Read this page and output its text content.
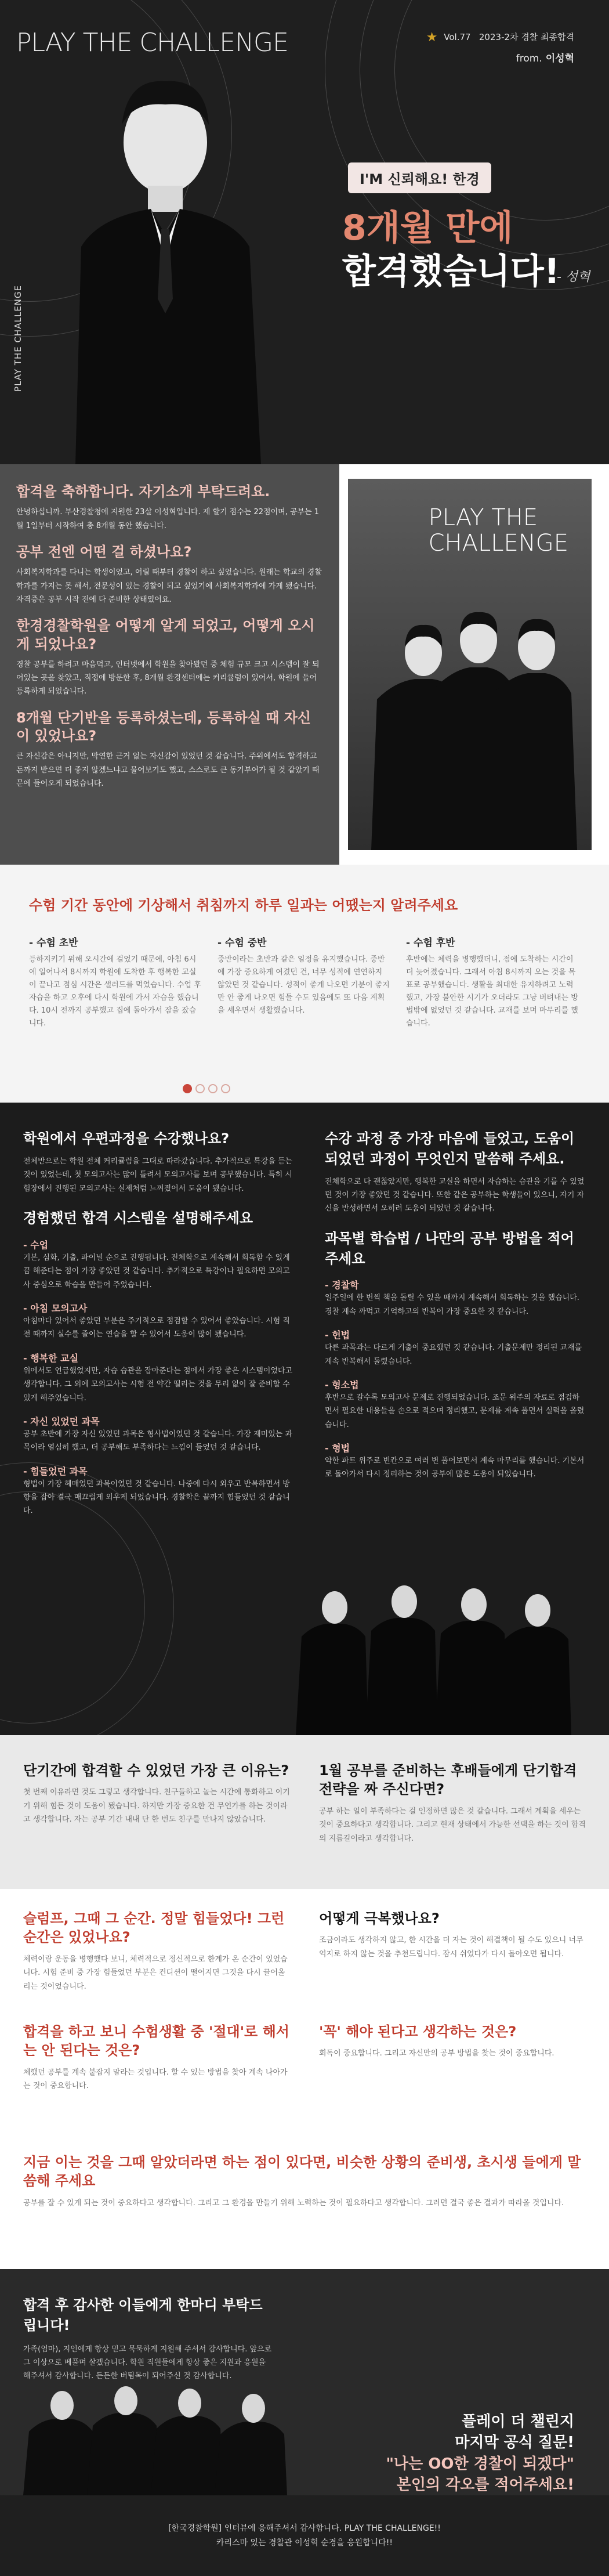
PLAY THE CHALLENGE	★ Vol.77 2023-2차 경찰 최종합격
from. 이성혁
PLAY THE CHALLENGE
I'M 신뢰해요! 한경
8개월 만에
합격했습니다!
- 성혁
합격을 축하합니다. 자기소개 부탁드려요.
안녕하십니까. 부산경찰청에 지원한 23살 이성혁입니다. 제 할기 점수는 22점이며, 공부는 1월 1일부터 시작하여 총 8개월 동안 했습니다.
공부 전엔 어떤 걸 하셨나요?
사회복지학과를 다니는 학생이었고, 어릴 때부터 경찰이 하고 싶었습니다. 원래는 학교의 경찰학과를 가지는 못 해서, 전문성이 있는 경찰이 되고 싶었기에 사회복지학과에 가게 됐습니다. 자격증은 공부 시작 전에 다 준비한 상태였어요.
한경경찰학원을 어떻게 알게 되었고, 어떻게 오시게 되었나요?
경찰 공부를 하려고 마음먹고, 인터넷에서 학원을 찾아봤던 중 체험 규모 크고 시스템이 잘 되어있는 곳을 찾았고, 직접에 방문한 후, 8개월 환경센터에는 커리큘럼이 있어서, 학원에 들어 등록하게 되었습니다.
8개월 단기반을 등록하셨는데, 등록하실 때 자신이 있었나요?
큰 자신감은 아니지만, 막연한 근거 없는 자신감이 있었던 것 같습니다. 주위에서도 합격하고 돈까지 받으면 더 좋지 않겠느냐고 물어보기도 했고, 스스로도 큰 동기부여가 될 것 같았기 때문에 들어오게 되었습니다.
PLAY THE
CHALLENGE
수험 기간 동안에 기상해서 취침까지 하루 일과는 어땠는지 알려주세요
- 수험 초반
등하지키기 위해 오시간에 걸었기 때문에, 아침 6시에 일어나서 8시까지 학원에 도착한 후 행복한 교실이 끝나고 점심 시간은 샐러드를 먹었습니다. 수업 후 자습을 하고 오후에 다시 학원에 가서 자습을 했습니다. 10시 전까지 공부했고 집에 돌아가서 잠을 잤습니다.
- 수험 중반
중반이라는 초반과 같은 일정을 유지했습니다. 중반에 가장 중요하게 여겼던 건, 너무 성적에 연연하지 않았던 것 같습니다. 성적이 좋게 나오면 기분이 좋지만 안 좋게 나오면 힘들 수도 있음에도 또 다음 계획을 세우면서 생활했습니다.
- 수험 후반
후반에는 체력을 병행했더니, 점에 도착하는 시간이 더 늦어졌습니다. 그래서 아침 8시까지 오는 것을 목표로 공부했습니다. 생활을 최대한 유지하려고 노력했고, 가장 불안한 시기가 오더라도 그냥 버텨내는 방법밖에 없었던 것 같습니다. 교재를 보며 마무리를 했습니다.
학원에서 우편과정을 수강했나요?
전체반으로는 학원 전체 커리큘럼을 그대로 따라갔습니다. 추가적으로 특강을 듣는 것이 있었는데, 첫 모의고사는 많이 틀려서 모의고사를 보며 공부했습니다. 특히 시험장에서 진행된 모의고사는 실제처럼 느껴졌어서 도움이 됐습니다.
경험했던 합격 시스템을 설명해주세요
- 수업
기본, 심화, 기출, 파이널 순으로 진행됩니다. 전체학으로 계속해서 회독할 수 있게끔 해준다는 점이 가장 좋았던 것 같습니다. 추가적으로 특강이나 필요하면 모의고사 중심으로 학습을 만들어 주었습니다.
- 아침 모의고사
아침마다 있어서 좋았던 부분은 주기적으로 점검할 수 있어서 좋았습니다. 시험 직전 때까지 실수를 줄이는 연습을 할 수 있어서 도움이 많이 됐습니다.
- 행복한 교실
위에서도 언급했었지만, 자습 습관을 잡아준다는 점에서 가장 좋은 시스템이었다고 생각합니다. 그 외에 모의고사는 시험 전 약간 떨리는 것을 무리 없이 잘 준비할 수 있게 해주었습니다.
- 자신 있었던 과목
공부 초반에 가장 자신 있었던 과목은 형사법이었던 것 같습니다. 가장 재미있는 과목이라 열심히 했고, 더 공부해도 부족하다는 느낌이 들었던 것 같습니다.
- 힘들었던 과목
형법이 가장 헤매었던 과목이었던 것 같습니다. 나중에 다시 외우고 반복하면서 방향을 잡아 결국 매끄럽게 외우게 되었습니다. 경찰학은 끝까지 힘들었던 것 같습니다.
수강 과정 중 가장 마음에 들었고, 도움이 되었던 과정이 무엇인지 말씀해 주세요.
전체학으로 다 괜찮았지만, 행복한 교실을 하면서 자습하는 습관을 기를 수 있었던 것이 가장 좋았던 것 같습니다. 또한 같은 공부하는 학생들이 있으니, 자기 자신을 반성하면서 오히려 도움이 되었던 것 같습니다.
과목별 학습법 / 나만의 공부 방법을 적어주세요
- 경찰학
일주일에 한 번씩 책을 돌릴 수 있을 때까지 계속해서 회독하는 것을 했습니다. 경찰 계속 까먹고 기억하고의 반복이 가장 중요한 것 같습니다.
- 헌법
다른 과목과는 다르게 기출이 중요했던 것 같습니다. 기출문제만 정리된 교재를 계속 반복해서 돌렸습니다.
- 형소법
후반으로 갈수록 모의고사 문제로 진행되었습니다. 조문 위주의 자료로 점검하면서 필요한 내용들을 손으로 적으며 정리했고, 문제를 계속 풀면서 실력을 올렸습니다.
- 형법
약한 파트 위주로 빈칸으로 여러 번 풀어보면서 계속 마무리를 했습니다. 기본서로 돌아가서 다시 정리하는 것이 공부에 많은 도움이 되었습니다.
단기간에 합격할 수 있었던 가장 큰 이유는?
첫 번째 이유라면 것도 그렇고 생각합니다. 친구들하고 놀는 시간에 통화하고 이기기 위해 힘든 것이 도움이 됐습니다. 하지만 가장 중요한 건 무언가를 하는 것이라고 생각합니다. 자는 공부 기간 내내 단 한 번도 친구를 만나지 않았습니다.
1월 공부를 준비하는 후배들에게 단기합격 전략을 짜 주신다면?
공부 하는 일이 부족하다는 걸 인정하면 많은 것 같습니다. 그래서 계획을 세우는 것이 중요하다고 생각합니다. 그리고 현재 상태에서 가능한 선택을 하는 것이 합격의 지름길이라고 생각합니다.
슬럼프, 그때 그 순간. 정말 힘들었다! 그런 순간은 있었나요?
체력이랑 운동을 병행했다 보니, 체력적으로 정신적으로 한계가 온 순간이 있었습니다. 시험 준비 중 가장 힘들었던 부분은 컨디션이 떨어지면 그것을 다시 끌어올리는 것이었습니다.
어떻게 극복했나요?
조금이라도 생각하지 않고, 한 시간을 더 자는 것이 해결책이 될 수도 있으니 너무 억지로 하지 않는 것을 추천드립니다. 잠시 쉬었다가 다시 돌아오면 됩니다.
합격을 하고 보니 수험생활 중 '절대'로 해서는 안 된다는 것은?
체했던 공부를 계속 붙잡지 말라는 것입니다. 할 수 있는 방법을 찾아 계속 나아가는 것이 중요합니다.
'꼭' 해야 된다고 생각하는 것은?
회독이 중요합니다. 그리고 자신만의 공부 방법을 찾는 것이 중요합니다.
지금 이는 것을 그때 알았더라면 하는 점이 있다면, 비슷한 상황의 준비생, 초시생 들에게 말씀해 주세요
공부를 잘 수 있게 되는 것이 중요하다고 생각합니다. 그리고 그 환경을 만들기 위해 노력하는 것이 필요하다고 생각합니다. 그러면 결국 좋은 결과가 따라올 것입니다.
합격 후 감사한 이들에게 한마디 부탁드립니다!
가족(엄마), 지인에게 항상 믿고 묵묵하게 지원해 주셔서 감사합니다. 앞으로 그 이상으로 베풀며 살겠습니다. 학원 직원들에게 항상 좋은 지원과 응원을 해주셔서 감사합니다. 든든한 버팀목이 되어주신 것 감사합니다.
플레이 더 챌린지
마지막 공식 질문!
"나는 OO한 경찰이 되겠다"
본인의 각오를 적어주세요!
[한국경찰학원] 인터뷰에 응해주셔서 감사합니다. PLAY THE CHALLENGE!!
카리스마 있는 경찰관 이성혁 순경을 응원합니다!!
